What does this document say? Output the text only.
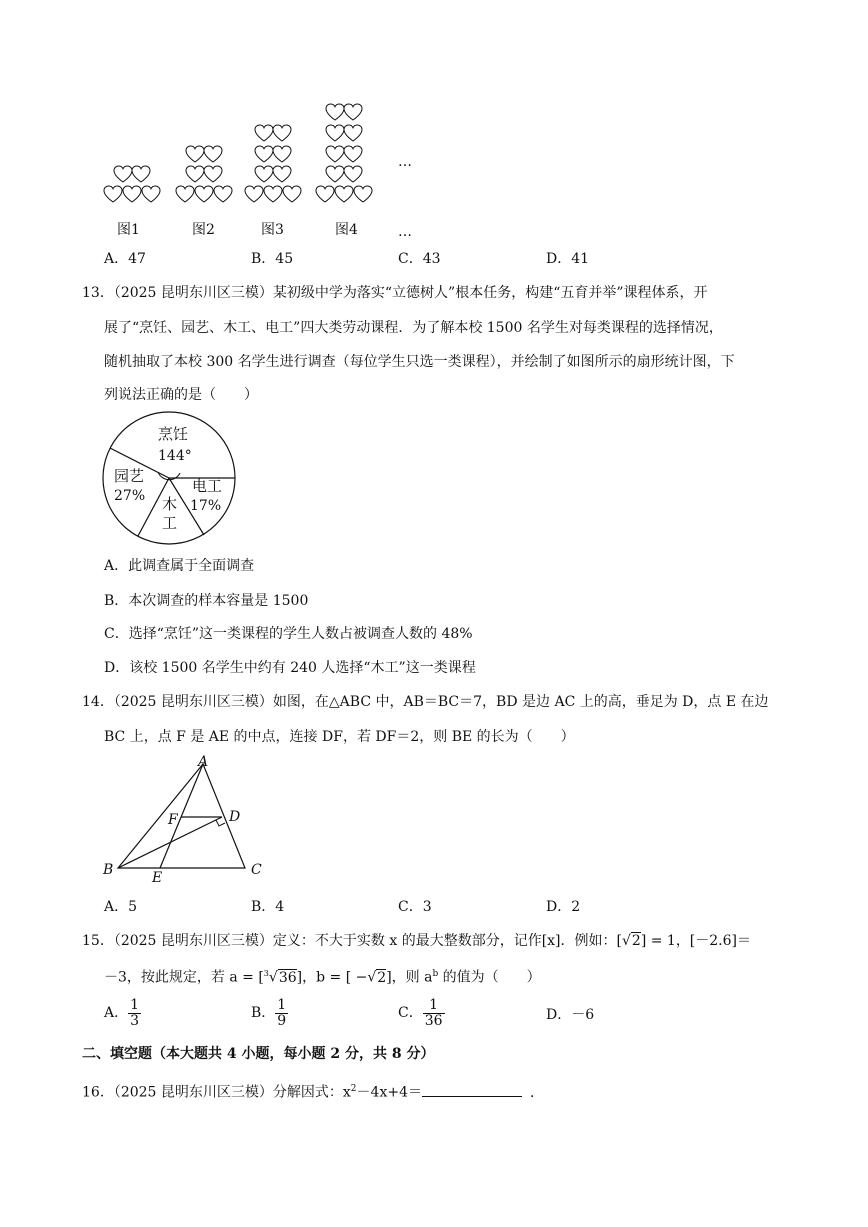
…
图1	图2	图3	图4	…
A．47	B．45	C．43	D．41
13．（2025 昆明东川区三模）某初级中学为落实“立德树人”根本任务，构建“五育并举”课程体系，开
展了“烹饪、园艺、木工、电工”四大类劳动课程．为了解本校 1500 名学生对每类课程的选择情况，
随机抽取了本校 300 名学生进行调查（每位学生只选一类课程），并绘制了如图所示的扇形统计图，下
列说法正确的是（　　）
烹饪
144°
园艺
27%
电工
17%
木
工
A．此调查属于全面调查
B．本次调查的样本容量是 1500
C．选择“烹饪”这一类课程的学生人数占被调查人数的 48%
D．该校 1500 名学生中约有 240 人选择“木工”这一类课程
14．（2025 昆明东川区三模）如图，在△ABC 中，AB＝BC＝7，BD 是边 AC 上的高，垂足为 D，点 E 在边
BC 上，点 F 是 AE 的中点，连接 DF，若 DF＝2，则 BE 的长为（　　）
A
F	D
B	E	C
A．5	B．4	C．3	D．2
15．（2025 昆明东川区三模）定义：不大于实数 x 的最大整数部分，记作[x]．例如：[√2] = 1，[－2.6]＝
－3，按此规定，若 a = [$^3$√36]，b = [ −√2]，则 $a^b$ 的值为（　　）
A． $\frac{1}{3}$	B． $\frac{1}{9}$	C． $\frac{1}{36}$	D．－6
二、填空题（本大题共 4 小题，每小题 2 分，共 8 分）
16．（2025 昆明东川区三模）分解因式：$x^2-4x+4=$	．
